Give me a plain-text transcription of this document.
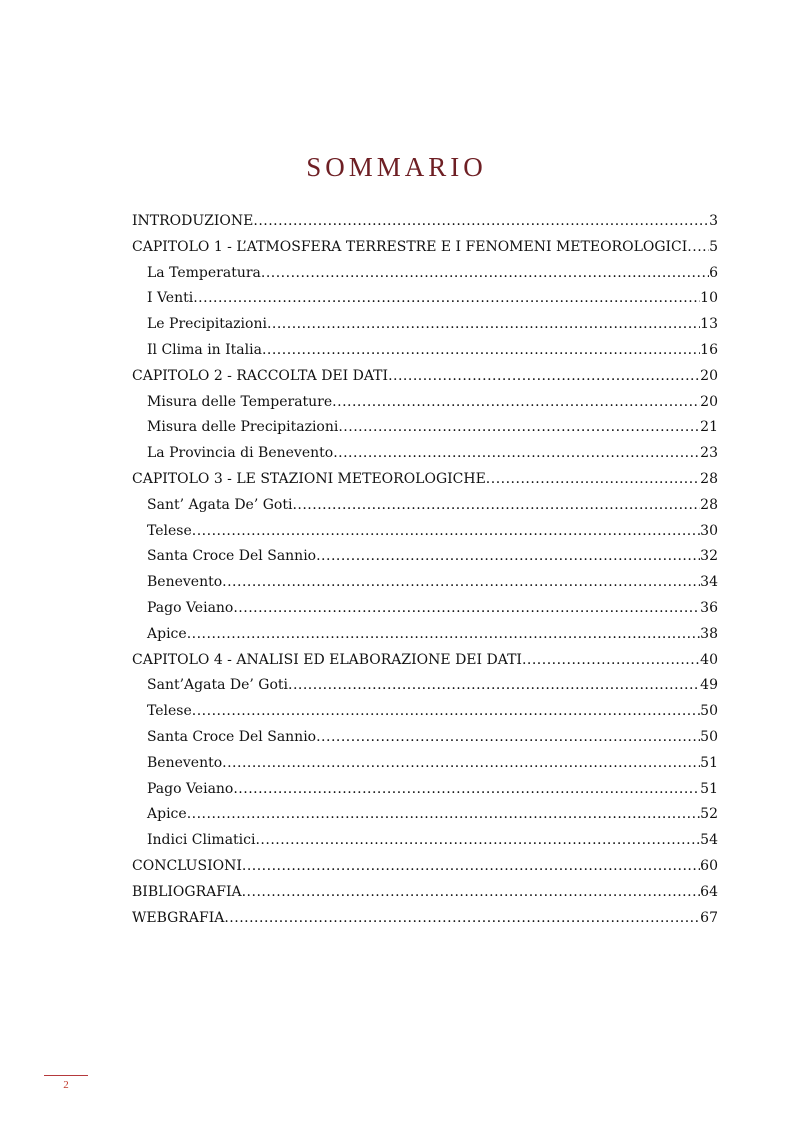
SOMMARIO
INTRODUZIONE .....	3
CAPITOLO 1 - L’ATMOSFERA TERRESTRE E I FENOMENI METEOROLOGICI ..... 5
La Temperatura .....	6
I Venti .....	10
Le Precipitazioni .....	13
Il Clima in Italia .....	16
CAPITOLO 2 - RACCOLTA DEI DATI .....	20
Misura delle Temperature .....	20
Misura delle Precipitazioni .....	21
La Provincia di Benevento .....	23
CAPITOLO 3 - LE STAZIONI METEOROLOGICHE .....	28
Sant’ Agata De’ Goti .....	28
Telese .....	30
Santa Croce Del Sannio .....	32
Benevento .....	34
Pago Veiano .....	36
Apice .....	38
CAPITOLO 4 - ANALISI ED ELABORAZIONE DEI DATI .....	40
Sant’Agata De’ Goti .....	49
Telese .....	50
Santa Croce Del Sannio .....	50
Benevento .....	51
Pago Veiano .....	51
Apice .....	52
Indici Climatici .....	54
CONCLUSIONI .....	60
BIBLIOGRAFIA .....	64
WEBGRAFIA .....	67
2
